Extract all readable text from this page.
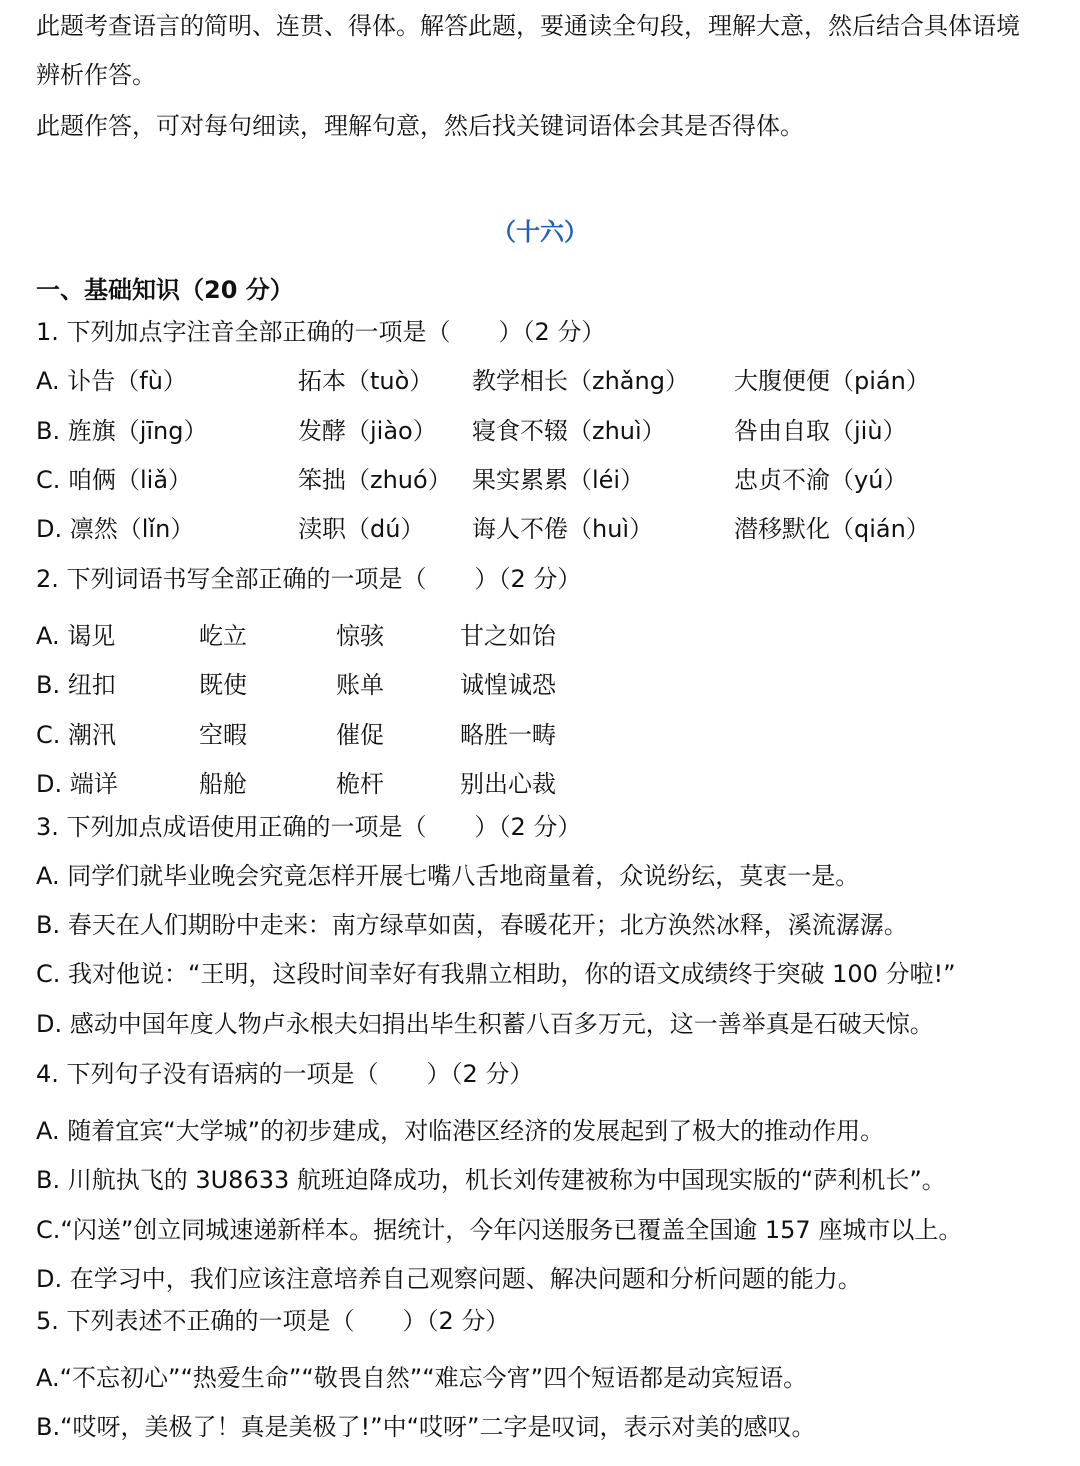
此题考查语言的简明、连贯、得体。解答此题，要通读全句段，理解大意，然后结合具体语境
辨析作答。
此题作答，可对每句细读，理解句意，然后找关键词语体会其是否得体。
（十六）
一、基础知识（20 分）
1. 下列加点字注音全部正确的一项是（　　）（2 分）
A. 讣告（fù）	拓本（tuò） 教学相长（zhǎng） 大腹便便（pián）
B. 旌旗（jīng）	发酵（jiào） 寝食不辍（zhuì）	咎由自取（jiù）
C. 咱俩（liǎ）	笨拙（zhuó） 果实累累（léi）	忠贞不渝（yú）
D. 凛然（lǐn）	渎职（dú） 诲人不倦（huì）	潜移默化（qián）
2. 下列词语书写全部正确的一项是（　　）（2 分）
A. 谒见	屹立	惊骇	甘之如饴
B. 纽扣	既使	账单	诚惶诚恐
C. 潮汛	空暇	催促	略胜一畴
D. 端详	船舱	桅杆	别出心裁
3. 下列加点成语使用正确的一项是（　　）（2 分）
A. 同学们就毕业晚会究竟怎样开展七嘴八舌地商量着，众说纷纭，莫衷一是。
B. 春天在人们期盼中走来：南方绿草如茵，春暖花开；北方涣然冰释，溪流潺潺。
C. 我对他说：“王明，这段时间幸好有我鼎立相助，你的语文成绩终于突破 100 分啦!”
D. 感动中国年度人物卢永根夫妇捐出毕生积蓄八百多万元，这一善举真是石破天惊。
4. 下列句子没有语病的一项是（　　）（2 分）
A. 随着宜宾“大学城”的初步建成，对临港区经济的发展起到了极大的推动作用。
B. 川航执飞的 3U8633 航班迫降成功，机长刘传建被称为中国现实版的“萨利机长”。
C.“闪送”创立同城速递新样本。据统计，今年闪送服务已覆盖全国逾 157 座城市以上。
D. 在学习中，我们应该注意培养自己观察问题、解决问题和分析问题的能力。
5. 下列表述不正确的一项是（　　）（2 分）
A.“不忘初心”“热爱生命”“敬畏自然”“难忘今宵”四个短语都是动宾短语。
B.“哎呀，美极了！真是美极了!”中“哎呀”二字是叹词，表示对美的感叹。
